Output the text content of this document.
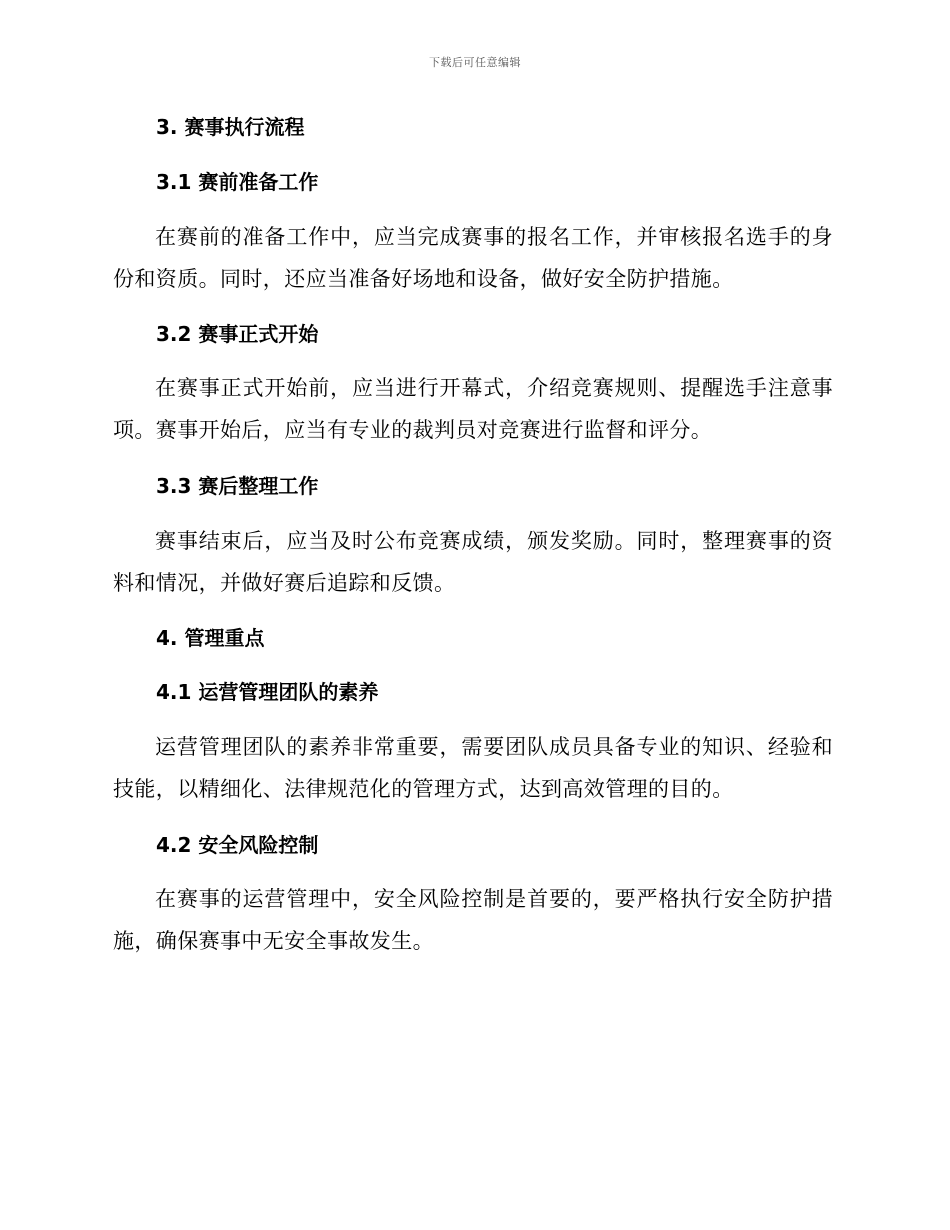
下载后可任意编辑
3. 赛事执行流程
3.1 赛前准备工作
在赛前的准备工作中，应当完成赛事的报名工作，并审核报名选手的身份和资质。同时，还应当准备好场地和设备，做好安全防护措施。
3.2 赛事正式开始
在赛事正式开始前，应当进行开幕式，介绍竞赛规则、提醒选手注意事项。赛事开始后，应当有专业的裁判员对竞赛进行监督和评分。
3.3 赛后整理工作
赛事结束后，应当及时公布竞赛成绩，颁发奖励。同时，整理赛事的资料和情况，并做好赛后追踪和反馈。
4. 管理重点
4.1 运营管理团队的素养
运营管理团队的素养非常重要，需要团队成员具备专业的知识、经验和技能，以精细化、法律规范化的管理方式，达到高效管理的目的。
4.2 安全风险控制
在赛事的运营管理中，安全风险控制是首要的，要严格执行安全防护措施，确保赛事中无安全事故发生。
